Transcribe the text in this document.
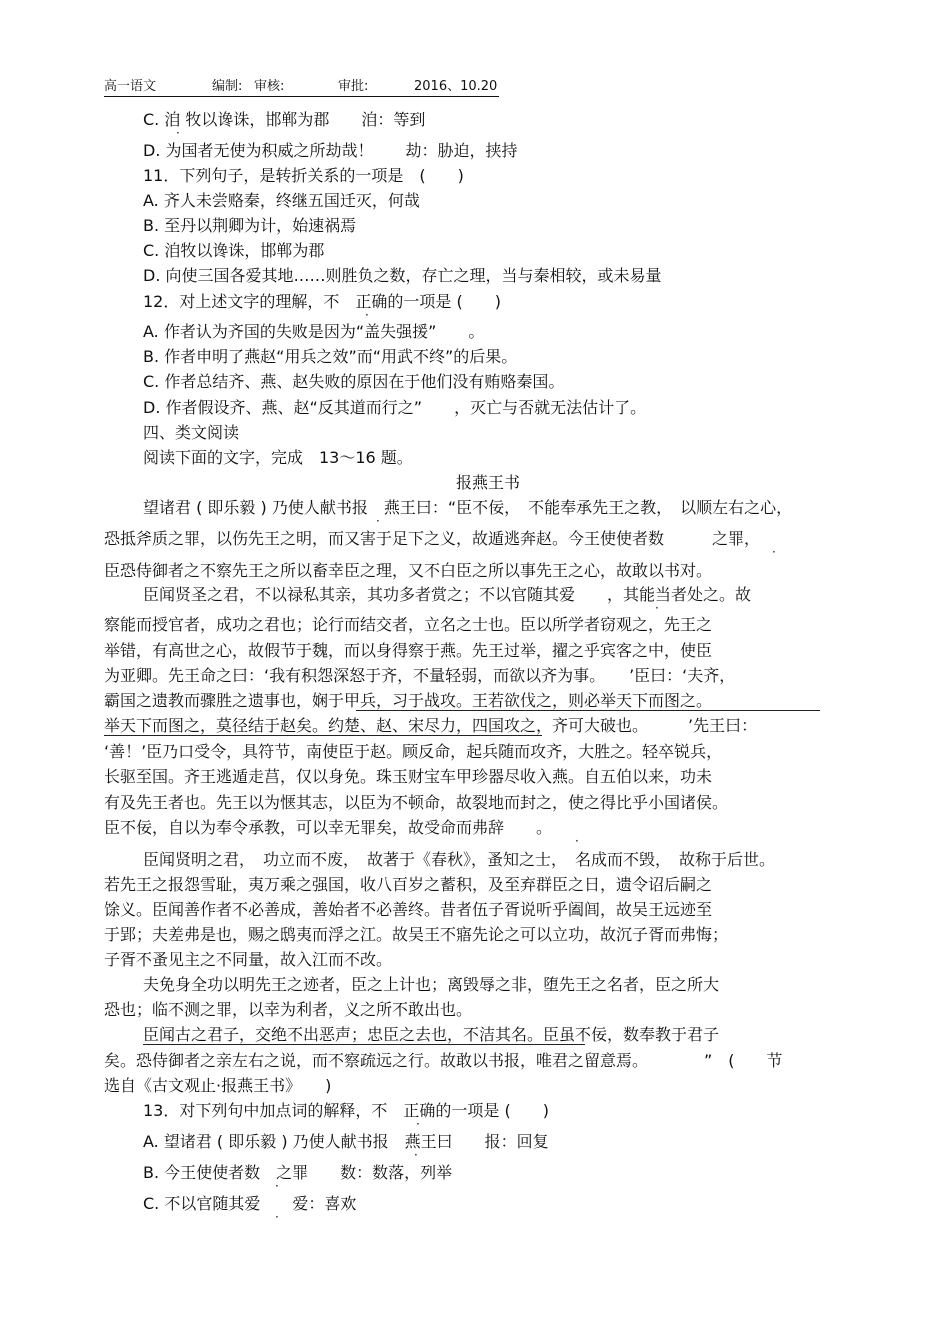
高一语文	编制: 审核:	审批:	2016、10.20
C. 洎 牧以谗诛，邯郸为郡　　洎：等到
D. 为国者无使为积威之所劫哉！　　劫：胁迫，挟持
11．下列句子，是转折关系的一项是　(　　)
A. 齐人未尝赂秦，终继五国迁灭，何哉
B. 至丹以荆卿为计，始速祸焉
C. 洎牧以谗诛，邯郸为郡
D. 向使三国各爱其地……则胜负之数，存亡之理，当与秦相较，或未易量
12．对上述文字的理解，不　正确的一项是 (　　)
A. 作者认为齐国的失败是因为“盖失强援”　　。
B. 作者申明了燕赵“用兵之效”而“用武不终”的后果。
C. 作者总结齐、燕、赵失败的原因在于他们没有贿赂秦国。
D. 作者假设齐、燕、赵“反其道而行之”　　，灭亡与否就无法估计了。
四、类文阅读
阅读下面的文字，完成　13～16 题。
报燕王书
望诸君 ( 即乐毅 ) 乃使人献书报　燕王曰：“臣不佞，　不能奉承先王之教，　以顺左右之心，
恐抵斧质之罪，以伤先王之明，而又害于足下之义，故遁逃奔赵。今王使使者数　　　之罪，
臣恐侍御者之不察先王之所以畜幸臣之理，又不白臣之所以事先王之心，故敢以书对。
臣闻贤圣之君，不以禄私其亲，其功多者赏之；不以官随其爱　　，其能当者处之。故
察能而授官者，成功之君也；论行而结交者，立名之士也。臣以所学者窃观之，先王之
举错，有高世之心，故假节于魏，而以身得察于燕。先王过举，擢之乎宾客之中，使臣
为亚卿。先王命之曰：‘我有积怨深怒于齐，不量轻弱，而欲以齐为事。　　’臣曰：‘夫齐，
霸国之遗教而骤胜之遗事也，娴于甲兵，习于战攻。王若欲伐之，则必举天下而图之。
举天下而图之，莫径结于赵矣。约楚、赵、宋尽力，四国攻之，齐可大破也。　　　’先王曰：
‘善！’臣乃口受令，具符节，南使臣于赵。顾反命，起兵随而攻齐，大胜之。轻卒锐兵，
长驱至国。齐王逃遁走莒，仅以身免。珠玉财宝车甲珍器尽收入燕。自五伯以来，功未
有及先王者也。先王以为惬其志，以臣为不顿命，故裂地而封之，使之得比乎小国诸侯。
臣不佞，自以为奉令承教，可以幸无罪矣，故受命而弗辞　　。
臣闻贤明之君，　功立而不废，　故著于《春秋》，蚤知之士，　名成而不毁，　故称于后世。
若先王之报怨雪耻，夷万乘之强国，收八百岁之蓄积，及至弃群臣之日，遗令诏后嗣之
馀义。臣闻善作者不必善成，善始者不必善终。昔者伍子胥说听乎阖闾，故吴王远迹至
于郢；夫差弗是也，赐之鸱夷而浮之江。故吴王不寤先论之可以立功，故沉子胥而弗悔；
子胥不蚤见主之不同量，故入江而不改。
夫免身全功以明先王之迹者，臣之上计也；离毁辱之非，堕先王之名者，臣之所大
恐也；临不测之罪，以幸为利者，义之所不敢出也。
臣闻古之君子，交绝不出恶声；忠臣之去也，不洁其名。臣虽不佞，数奉教于君子
矣。恐侍御者之亲左右之说，而不察疏远之行。故敢以书报，唯君之留意焉。　　　　”　(　　节
选自《古文观止·报燕王书》　　)
13．对下列句中加点词的解释，不　正确的一项是 (　　)
A. 望诸君 ( 即乐毅 ) 乃使人献书报　燕王曰　　报：回复
B. 今王使使者数　之罪　　数：数落，列举
C. 不以官随其爱　　爱：喜欢
·
·
·
·
·
·
·
·
·
·
